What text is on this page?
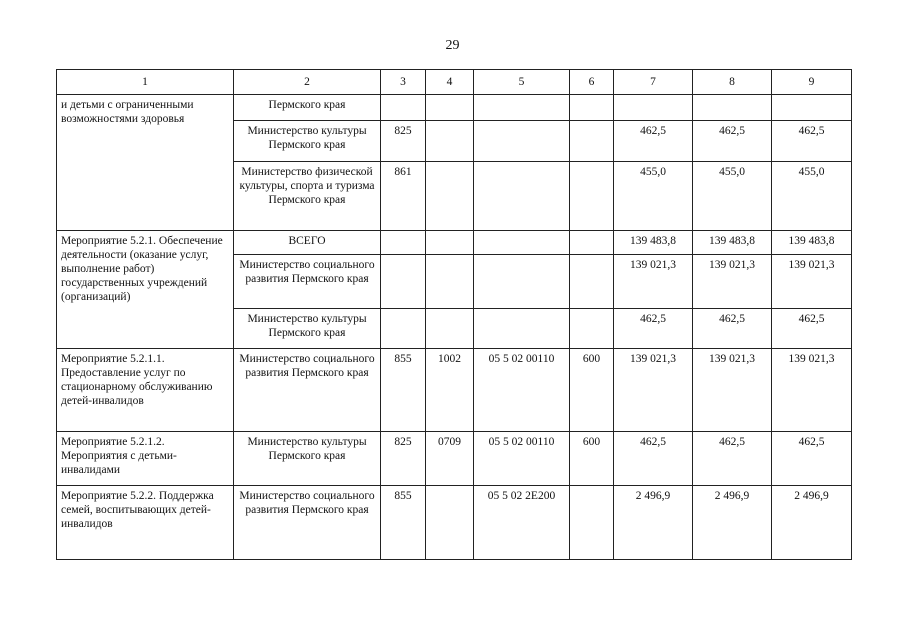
29
1	2	3	4	5	6	7	8	9
и детьми с ограниченными возможностями здоровья	Пермского края							
	Министерство культуры Пермского края	825				462,5	462,5	462,5
	Министерство физической культуры, спорта и туризма Пермского края	861				455,0	455,0	455,0
Мероприятие 5.2.1. Обеспечение деятельности (оказание услуг, выполнение работ) государственных учреждений (организаций)	ВСЕГО					139 483,8	139 483,8	139 483,8
	Министерство социального развития Пермского края					139 021,3	139 021,3	139 021,3
	Министерство культуры Пермского края					462,5	462,5	462,5
Мероприятие 5.2.1.1. Предоставление услуг по стационарному обслуживанию детей-инвалидов	Министерство социального развития Пермского края	855	1002	05 5 02 00110	600	139 021,3	139 021,3	139 021,3
Мероприятие 5.2.1.2. Мероприятия с детьми-инвалидами	Министерство культуры Пермского края	825	0709	05 5 02 00110	600	462,5	462,5	462,5
Мероприятие 5.2.2. Поддержка семей, воспитывающих детей-инвалидов	Министерство социального развития Пермского края	855		05 5 02 2Е200		2 496,9	2 496,9	2 496,9
